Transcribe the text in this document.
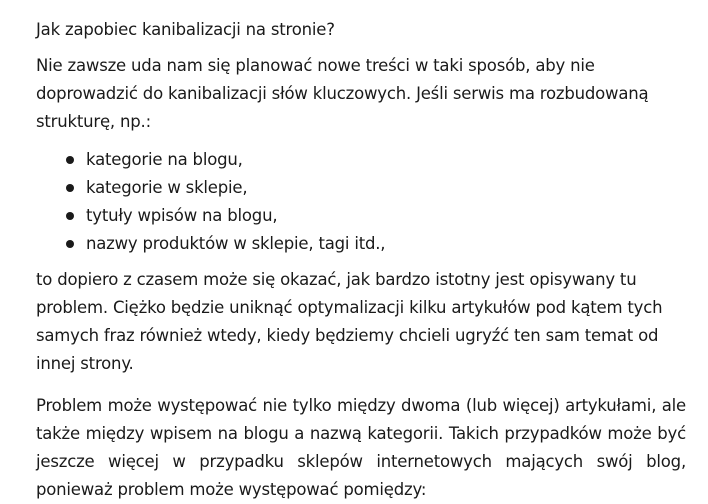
Jak zapobiec kanibalizacji na stronie?

Nie zawsze uda nam się planować nowe treści w taki sposób, aby nie doprowadzić do kanibalizacji słów kluczowych. Jeśli serwis ma rozbudowaną strukturę, np.:

kategorie na blogu,
kategorie w sklepie,
tytuły wpisów na blogu,
nazwy produktów w sklepie, tagi itd.,

to dopiero z czasem może się okazać, jak bardzo istotny jest opisywany tu problem. Ciężko będzie uniknąć optymalizacji kilku artykułów pod kątem tych samych fraz również wtedy, kiedy będziemy chcieli ugryźć ten sam temat od innej strony.

Problem może występować nie tylko między dwoma (lub więcej) artykułami, ale także między wpisem na blogu a nazwą kategorii. Takich przypadków może być jeszcze więcej w przypadku sklepów internetowych mających swój blog, ponieważ problem może występować pomiędzy:
